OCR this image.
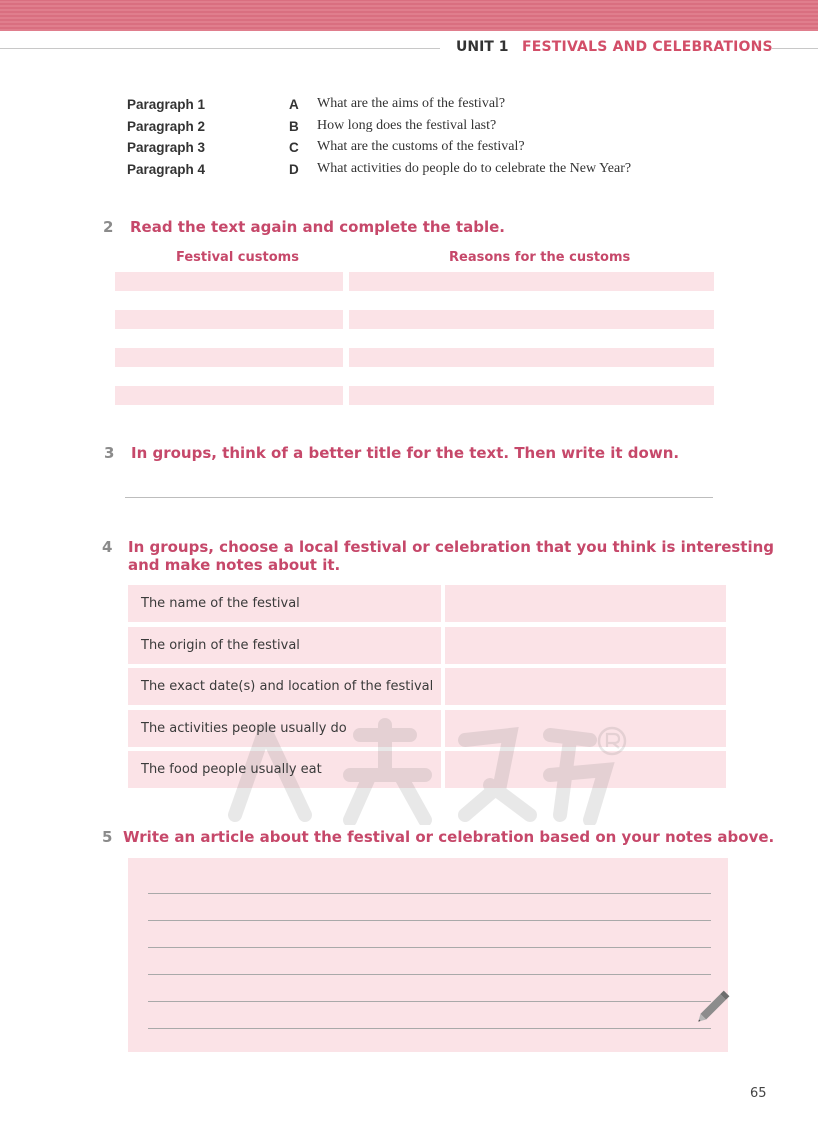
UNIT 1 FESTIVALS AND CELEBRATIONS
Paragraph 1
Paragraph 2
Paragraph 3
Paragraph 4
A What are the aims of the festival?
B How long does the festival last?
C What are the customs of the festival?
D What activities do people do to celebrate the New Year?
2 Read the text again and complete the table.
Festival customs	Reasons for the customs
3 In groups, think of a better title for the text. Then write it down.
4 In groups, choose a local festival or celebration that you think is interesting
and make notes about it.
The name of the festival
The origin of the festival
The exact date(s) and location of the festival
The activities people usually do
The food people usually eat
5 Write an article about the festival or celebration based on your notes above.
65
